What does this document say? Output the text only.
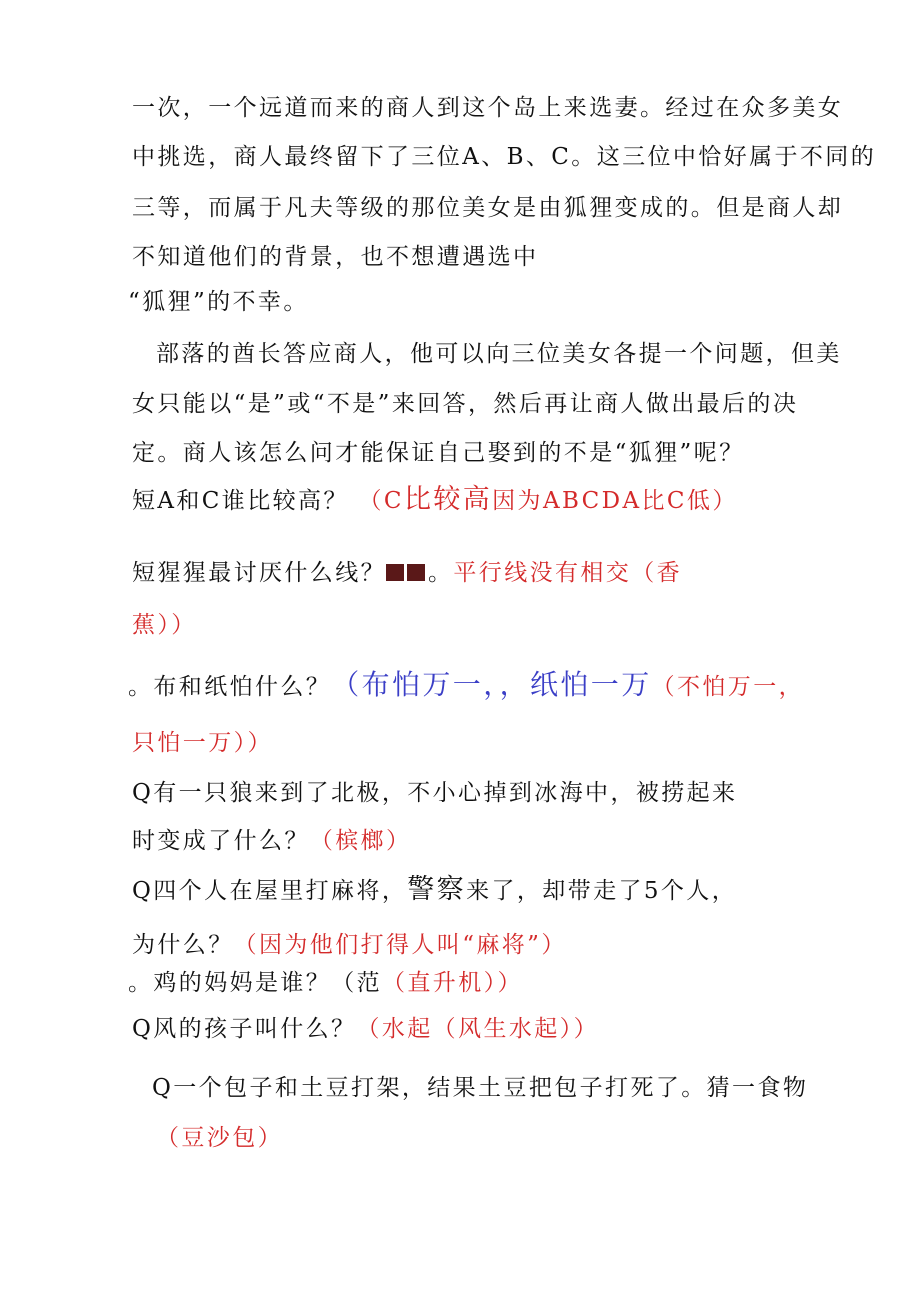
一次，一个远道而来的商人到这个岛上来选妻。经过在众多美女
中挑选，商人最终留下了三位A、B、C。这三位中恰好属于不同的
三等，而属于凡夫等级的那位美女是由狐狸变成的。但是商人却
不知道他们的背景，也不想遭遇选中
“狐狸”的不幸。
部落的酋长答应商人，他可以向三位美女各提一个问题，但美
女只能以“是”或“不是”来回答，然后再让商人做出最后的决
定。商人该怎么问才能保证自己娶到的不是“狐狸”呢？
短A和C谁比较高？ （C比较高因为ABCDA比C低）
短猩猩最讨厌什么线？ 。平行线没有相交（香
蕉））
。布和纸怕什么？（布怕万一，，纸怕一万（不怕万一，
只怕一万））
Q有一只狼来到了北极，不小心掉到冰海中，被捞起来
时变成了什么？（槟榔）
Q四个人在屋里打麻将，警察来了，却带走了5个人，
为什么？（因为他们打得人叫“麻将”）
。鸡的妈妈是谁？（范（直升机））
Q风的孩子叫什么？（水起（风生水起））
Q一个包子和土豆打架，结果土豆把包子打死了。猜一食物
（豆沙包）
